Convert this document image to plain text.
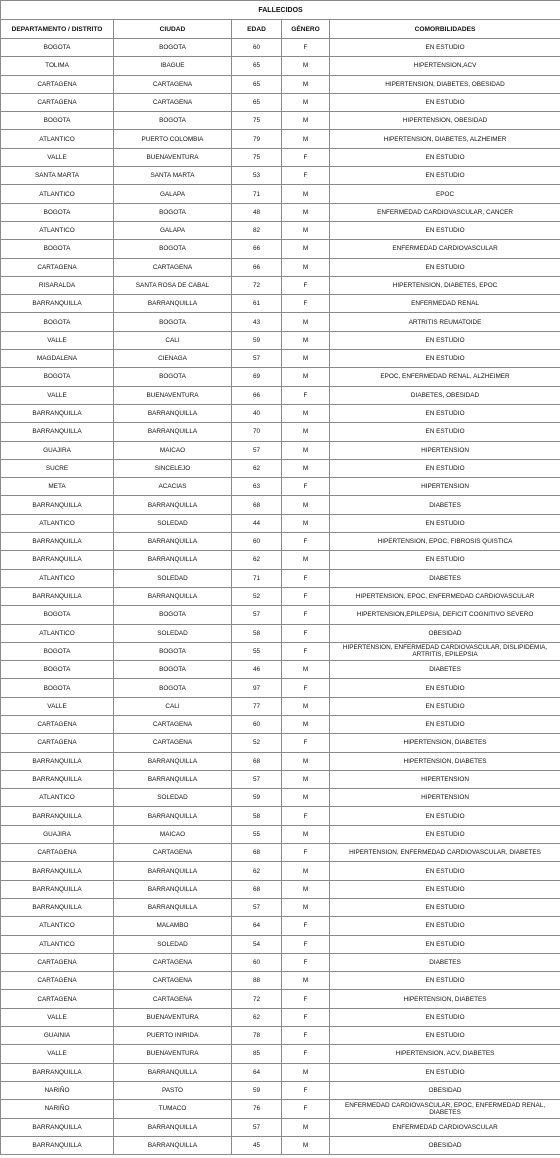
FALLECIDOS				
DEPARTAMENTO / DISTRITO	CIUDAD	EDAD	GÉNERO	COMORBILIDADES
BOGOTA	BOGOTA	60	F	EN ESTUDIO
TOLIMA	IBAGUE	65	M	HIPERTENSION,ACV
CARTAGENA	CARTAGENA	65	M	HIPERTENSION, DIABETES, OBESIDAD
CARTAGENA	CARTAGENA	65	M	EN ESTUDIO
BOGOTA	BOGOTA	75	M	HIPERTENSION, OBESIDAD
ATLANTICO	PUERTO COLOMBIA	79	M	HIPERTENSION, DIABETES, ALZHEIMER
VALLE	BUENAVENTURA	75	F	EN ESTUDIO
SANTA MARTA	SANTA MARTA	53	F	EN ESTUDIO
ATLANTICO	GALAPA	71	M	EPOC
BOGOTA	BOGOTA	48	M	ENFERMEDAD CARDIOVASCULAR, CANCER
ATLANTICO	GALAPA	82	M	EN ESTUDIO
BOGOTA	BOGOTA	66	M	ENFERMEDAD CARDIOVASCULAR
CARTAGENA	CARTAGENA	66	M	EN ESTUDIO
RISARALDA	SANTA ROSA DE CABAL	72	F	HIPERTENSION, DIABETES, EPOC
BARRANQUILLA	BARRANQUILLA	61	F	ENFERMEDAD RENAL
BOGOTA	BOGOTA	43	M	ARTRITIS REUMATOIDE
VALLE	CALI	59	M	EN ESTUDIO
MAGDALENA	CIENAGA	57	M	EN ESTUDIO
BOGOTA	BOGOTA	69	M	EPOC, ENFERMEDAD RENAL, ALZHEIMER
VALLE	BUENAVENTURA	66	F	DIABETES, OBESIDAD
BARRANQUILLA	BARRANQUILLA	40	M	EN ESTUDIO
BARRANQUILLA	BARRANQUILLA	70	M	EN ESTUDIO
GUAJIRA	MAICAO	57	M	HIPERTENSION
SUCRE	SINCELEJO	62	M	EN ESTUDIO
META	ACACIAS	63	F	HIPERTENSION
BARRANQUILLA	BARRANQUILLA	68	M	DIABETES
ATLANTICO	SOLEDAD	44	M	EN ESTUDIO
BARRANQUILLA	BARRANQUILLA	60	F	HIPERTENSION, EPOC, FIBROSIS QUISTICA
BARRANQUILLA	BARRANQUILLA	62	M	EN ESTUDIO
ATLANTICO	SOLEDAD	71	F	DIABETES
BARRANQUILLA	BARRANQUILLA	52	F	HIPERTENSION, EPOC, ENFERMEDAD CARDIOVASCULAR
BOGOTA	BOGOTA	57	F	HIPERTENSION,EPILEPSIA, DEFICIT COGNITIVO SEVERO
ATLANTICO	SOLEDAD	58	F	OBESIDAD
BOGOTA	BOGOTA	55	F	HIPERTENSION, ENFERMEDAD CARDIOVASCULAR, DISLIPIDEMIA, ARTRITIS, EPILEPSIA
BOGOTA	BOGOTA	46	M	DIABETES
BOGOTA	BOGOTA	97	F	EN ESTUDIO
VALLE	CALI	77	M	EN ESTUDIO
CARTAGENA	CARTAGENA	60	M	EN ESTUDIO
CARTAGENA	CARTAGENA	52	F	HIPERTENSION, DIABETES
BARRANQUILLA	BARRANQUILLA	68	M	HIPERTENSION, DIABETES
BARRANQUILLA	BARRANQUILLA	57	M	HIPERTENSION
ATLANTICO	SOLEDAD	59	M	HIPERTENSION
BARRANQUILLA	BARRANQUILLA	58	F	EN ESTUDIO
GUAJIRA	MAICAO	55	M	EN ESTUDIO
CARTAGENA	CARTAGENA	68	F	HIPERTENSION, ENFERMEDAD CARDIOVASCULAR, DIABETES
BARRANQUILLA	BARRANQUILLA	62	M	EN ESTUDIO
BARRANQUILLA	BARRANQUILLA	68	M	EN ESTUDIO
BARRANQUILLA	BARRANQUILLA	57	M	EN ESTUDIO
ATLANTICO	MALAMBO	64	F	EN ESTUDIO
ATLANTICO	SOLEDAD	54	F	EN ESTUDIO
CARTAGENA	CARTAGENA	60	F	DIABETES
CARTAGENA	CARTAGENA	88	M	EN ESTUDIO
CARTAGENA	CARTAGENA	72	F	HIPERTENSION, DIABETES
VALLE	BUENAVENTURA	62	F	EN ESTUDIO
GUAINIA	PUERTO INIRIDA	78	F	EN ESTUDIO
VALLE	BUENAVENTURA	85	F	HIPERTENSION, ACV, DIABETES
BARRANQUILLA	BARRANQUILLA	64	M	EN ESTUDIO
NARIÑO	PASTO	59	F	OBESIDAD
NARIÑO	TUMACO	76	F	ENFERMEDAD CARDIOVASCULAR, EPOC, ENFERMEDAD RENAL, DIABETES
BARRANQUILLA	BARRANQUILLA	57	M	ENFERMEDAD CARDIOVASCULAR
BARRANQUILLA	BARRANQUILLA	45	M	OBESIDAD
